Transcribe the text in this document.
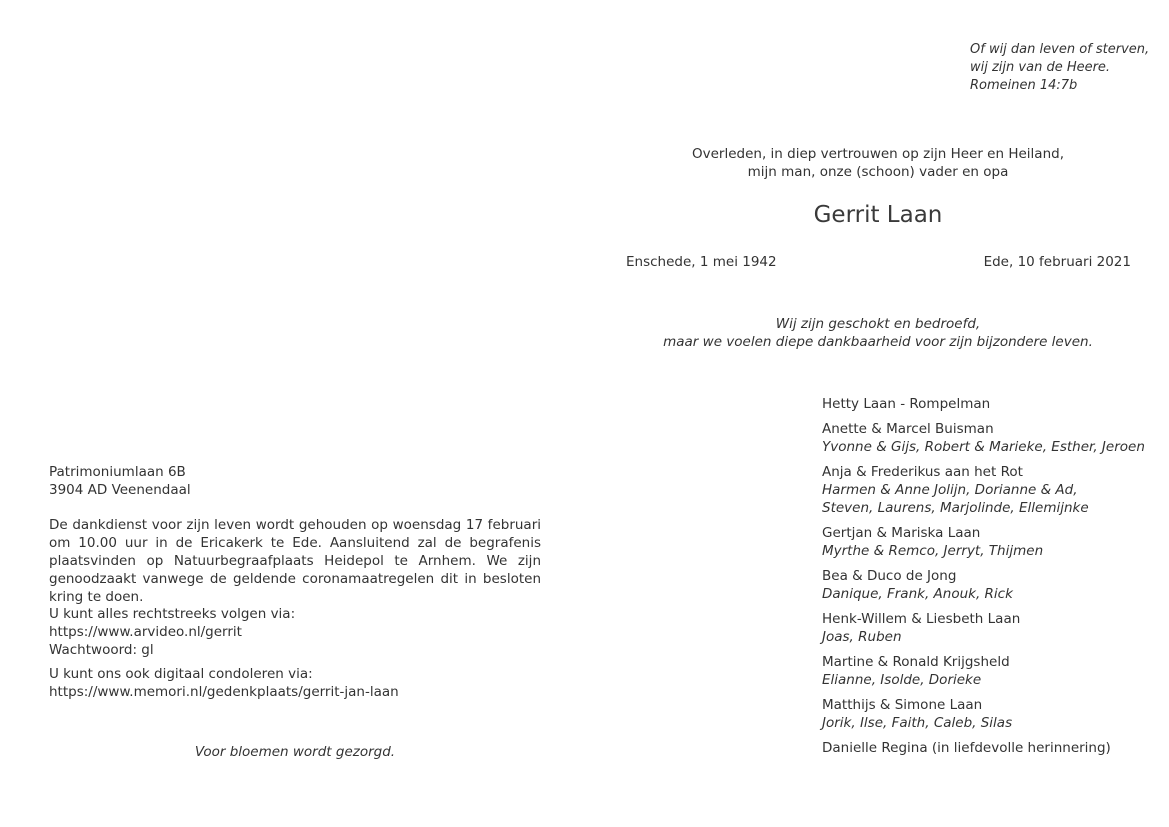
Of wij dan leven of sterven,
wij zijn van de Heere.
Romeinen 14:7b
Overleden, in diep vertrouwen op zijn Heer en Heiland,
mijn man, onze (schoon) vader en opa
Gerrit Laan
Enschede, 1 mei 1942	Ede, 10 februari 2021
Wij zijn geschokt en bedroefd,
maar we voelen diepe dankbaarheid voor zijn bijzondere leven.
Hetty Laan - Rompelman
Anette & Marcel Buisman
Yvonne & Gijs, Robert & Marieke, Esther, Jeroen
Anja & Frederikus aan het Rot
Harmen & Anne Jolijn, Dorianne & Ad,
Steven, Laurens, Marjolinde, Ellemijnke
Gertjan & Mariska Laan
Myrthe & Remco, Jerryt, Thijmen
Bea & Duco de Jong
Danique, Frank, Anouk, Rick
Henk-Willem & Liesbeth Laan
Joas, Ruben
Martine & Ronald Krijgsheld
Elianne, Isolde, Dorieke
Matthijs & Simone Laan
Jorik, Ilse, Faith, Caleb, Silas
Danielle Regina (in liefdevolle herinnering)
Patrimoniumlaan 6B
3904 AD Veenendaal
De dankdienst voor zijn leven wordt gehouden op woensdag 17 februari om 10.00 uur in de Ericakerk te Ede. Aansluitend zal de begrafenis plaatsvinden op Natuurbegraafplaats Heidepol te Arnhem. We zijn genoodzaakt vanwege de geldende coronamaatregelen dit in besloten kring te doen.
U kunt alles rechtstreeks volgen via:
https://www.arvideo.nl/gerrit
Wachtwoord: gl
U kunt ons ook digitaal condoleren via:
https://www.memori.nl/gedenkplaats/gerrit-jan-laan
Voor bloemen wordt gezorgd.
